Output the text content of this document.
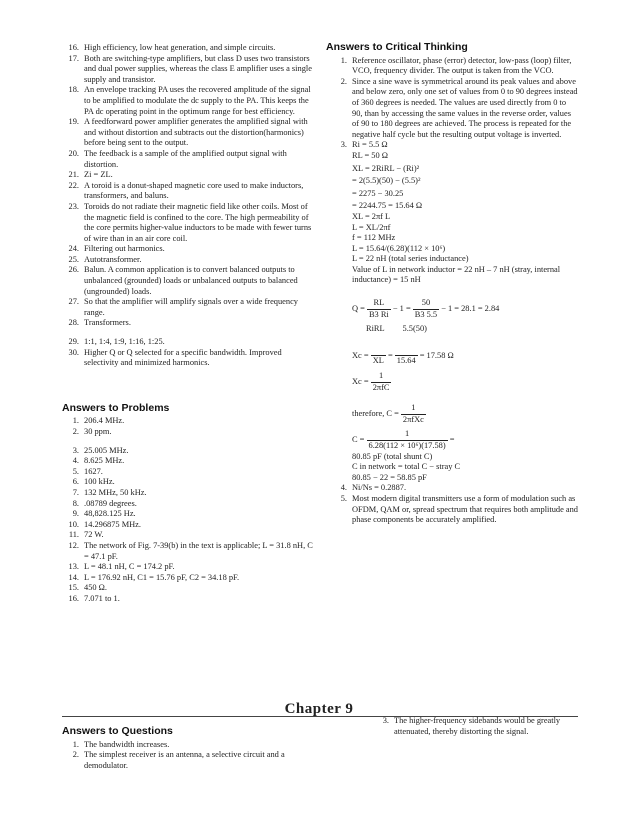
16. High efficiency, low heat generation, and simple circuits.
17. Both are switching-type amplifiers, but class D uses two transistors and dual power supplies, whereas the class E amplifier uses a single supply and transistor.
18. An envelope tracking PA uses the recovered amplitude of the signal to be amplified to modulate the dc supply to the PA. This keeps the PA dc operating point in the optimum range for best efficiency.
19. A feedforward power amplifier generates the amplified signal with and without distortion and subtracts out the distortion(harmonics) before being sent to the output.
20. The feedback is a sample of the amplified output signal with distortion.
21. Zi = ZL.
22. A toroid is a donut-shaped magnetic core used to make inductors, transformers, and baluns.
23. Toroids do not radiate their magnetic field like other coils. Most of the magnetic field is confined to the core. The high permeability of the core permits higher-value inductors to be made with fewer turns of wire than in an air core coil.
24. Filtering out harmonics.
25. Autotransformer.
26. Balun. A common application is to convert balanced outputs to unbalanced (grounded) loads or unbalanced outputs to balanced (ungrounded) loads.
27. So that the amplifier will amplify signals over a wide frequency range.
28. Transformers.
29. 1:1, 1:4, 1:9, 1:16, 1:25.
30. Higher Q or Q selected for a specific bandwidth. Improved selectivity and minimized harmonics.
Answers to Problems
1. 206.4 MHz.
2. 30 ppm.
3. 25.005 MHz.
4. 8.625 MHz.
5. 1627.
6. 100 kHz.
7. 132 MHz, 50 kHz.
8. .08789 degrees.
9. 48,828.125 Hz.
10. 14.296875 MHz.
11. 72 W.
12. The network of Fig. 7-39(b) in the text is applicable; L = 31.8 nH, C = 47.1 pF.
13. L = 48.1 nH, C = 174.2 pF.
14. L = 176.92 nH, C1 = 15.76 pF, C2 = 34.18 pF.
15. 450 Ω.
16. 7.071 to 1.
Answers to Critical Thinking
1. Reference oscillator, phase (error) detector, low-pass (loop) filter, VCO, frequency divider. The output is taken from the VCO.
2. Since a sine wave is symmetrical around its peak values and above and below zero, only one set of values from 0 to 90 degrees instead of 360 degrees is needed. The values are used directly from 0 to 90, than by accessing the same values in the reverse order, values of 90 to 180 degrees are achieved. The process is repeated for the negative half cycle but the resulting output voltage is inverted.
3. Ri = 5.5 Ω
RL = 50 Ω
XL = 2RiRL − (Ri)²
= 2(5.5)(50) − (5.5)²
= 2275 − 30.25
= 2244.75 = 15.64 Ω
XL = 2πf L
L = XL/2πf
f = 112 MHz
L = 15.64/(6.28)(112 × 10⁶)
L = 22 nH (total series inductance)
Value of L in network inductor = 22 nH – 7 nH (stray, internal inductance) = 15 nH
$Q = \frac{RL}{B3 Ri} - 1 = \frac{50}{B3 5.5} - 1 = 28.1 = 2.84$
RiRL 5.5(50)
Xc =

XL
=

15.64
= 17.58 Ω
$Xc = \frac{1}{\text{2πfC}}$
therefore, $C = \frac{1}{\text{2πfXc}}$
$C = \frac{1}{\text{6.28(112 × 10⁶)(17.58)}}$ =
80.85 pF (total shunt C)
C in network = total C − stray C
80.85 − 22 = 58.85 pF
4. Ni/Ns = 0.2887.
5. Most modern digital transmitters use a form of modulation such as OFDM, QAM or, spread spectrum that requires both amplitude and phase components be accurately amplified.
Chapter 9
Answers to Questions
1. The bandwidth increases.
2. The simplest receiver is an antenna, a selective circuit and a demodulator.
3. The higher-frequency sidebands would be greatly attenuated, thereby distorting the signal.
